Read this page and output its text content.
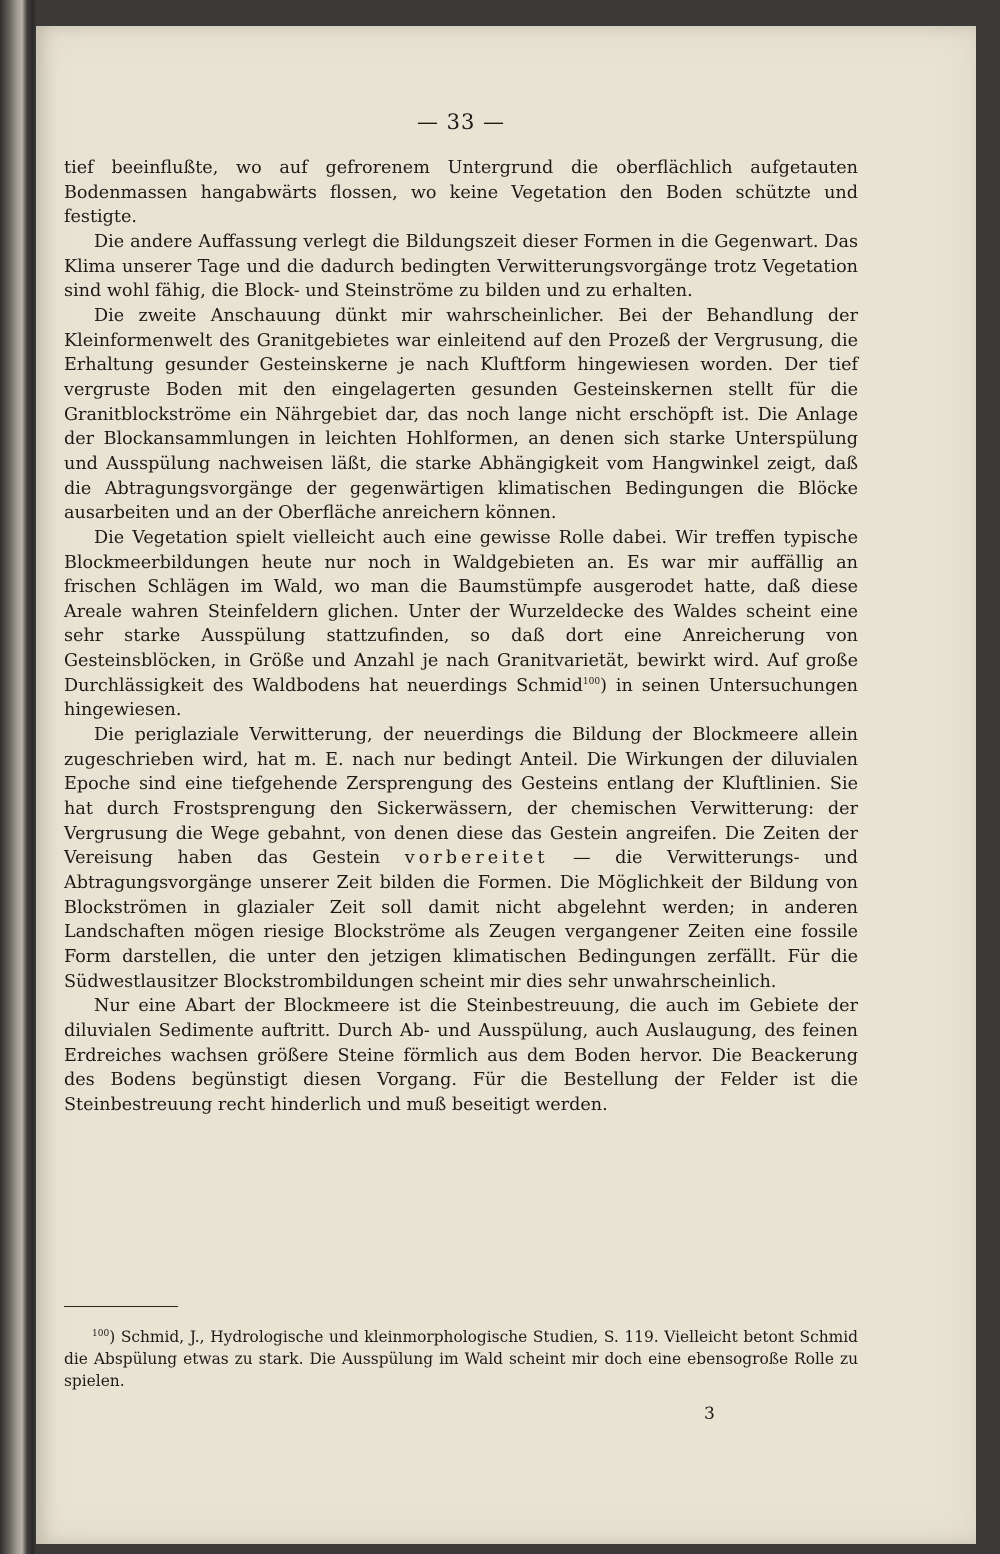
— 33 —

tief beeinflußte, wo auf gefrorenem Untergrund die oberflächlich aufgetauten Bodenmassen hangabwärts flossen, wo keine Vegetation den Boden schützte und festigte.

Die andere Auffassung verlegt die Bildungszeit dieser Formen in die Gegenwart. Das Klima unserer Tage und die dadurch bedingten Verwitterungsvorgänge trotz Vegetation sind wohl fähig, die Block- und Steinströme zu bilden und zu erhalten.

Die zweite Anschauung dünkt mir wahrscheinlicher. Bei der Behandlung der Kleinformenwelt des Granitgebietes war einleitend auf den Prozeß der Vergrusung, die Erhaltung gesunder Gesteinskerne je nach Kluftform hingewiesen worden. Der tief vergruste Boden mit den eingelagerten gesunden Gesteinskernen stellt für die Granitblockströme ein Nährgebiet dar, das noch lange nicht erschöpft ist. Die Anlage der Blockansammlungen in leichten Hohlformen, an denen sich starke Unterspülung und Ausspülung nachweisen läßt, die starke Abhängigkeit vom Hangwinkel zeigt, daß die Abtragungsvorgänge der gegenwärtigen klimatischen Bedingungen die Blöcke ausarbeiten und an der Oberfläche anreichern können.

Die Vegetation spielt vielleicht auch eine gewisse Rolle dabei. Wir treffen typische Blockmeerbildungen heute nur noch in Waldgebieten an. Es war mir auffällig an frischen Schlägen im Wald, wo man die Baumstümpfe ausgerodet hatte, daß diese Areale wahren Steinfeldern glichen. Unter der Wurzeldecke des Waldes scheint eine sehr starke Ausspülung stattzufinden, so daß dort eine Anreicherung von Gesteinsblöcken, in Größe und Anzahl je nach Granitvarietät, bewirkt wird. Auf große Durchlässigkeit des Waldbodens hat neuerdings Schmid$^{100}$) in seinen Untersuchungen hingewiesen.

Die periglaziale Verwitterung, der neuerdings die Bildung der Blockmeere allein zugeschrieben wird, hat m. E. nach nur bedingt Anteil. Die Wirkungen der diluvialen Epoche sind eine tiefgehende Zersprengung des Gesteins entlang der Kluftlinien. Sie hat durch Frostsprengung den Sickerwässern, der chemischen Verwitterung: der Vergrusung die Wege gebahnt, von denen diese das Gestein angreifen. Die Zeiten der Vereisung haben das Gestein vorbereitet — die Verwitterungs- und Abtragungsvorgänge unserer Zeit bilden die Formen. Die Möglichkeit der Bildung von Blockströmen in glazialer Zeit soll damit nicht abgelehnt werden; in anderen Landschaften mögen riesige Blockströme als Zeugen vergangener Zeiten eine fossile Form darstellen, die unter den jetzigen klimatischen Bedingungen zerfällt. Für die Südwestlausitzer Blockstrombildungen scheint mir dies sehr unwahrscheinlich.

Nur eine Abart der Blockmeere ist die Steinbestreuung, die auch im Gebiete der diluvialen Sedimente auftritt. Durch Ab- und Ausspülung, auch Auslaugung, des feinen Erdreiches wachsen größere Steine förmlich aus dem Boden hervor. Die Beackerung des Bodens begünstigt diesen Vorgang. Für die Bestellung der Felder ist die Steinbestreuung recht hinderlich und muß beseitigt werden.

$^{100}$) Schmid, J., Hydrologische und kleinmorphologische Studien, S. 119. Vielleicht betont Schmid die Abspülung etwas zu stark. Die Ausspülung im Wald scheint mir doch eine ebensogroße Rolle zu spielen.

3
